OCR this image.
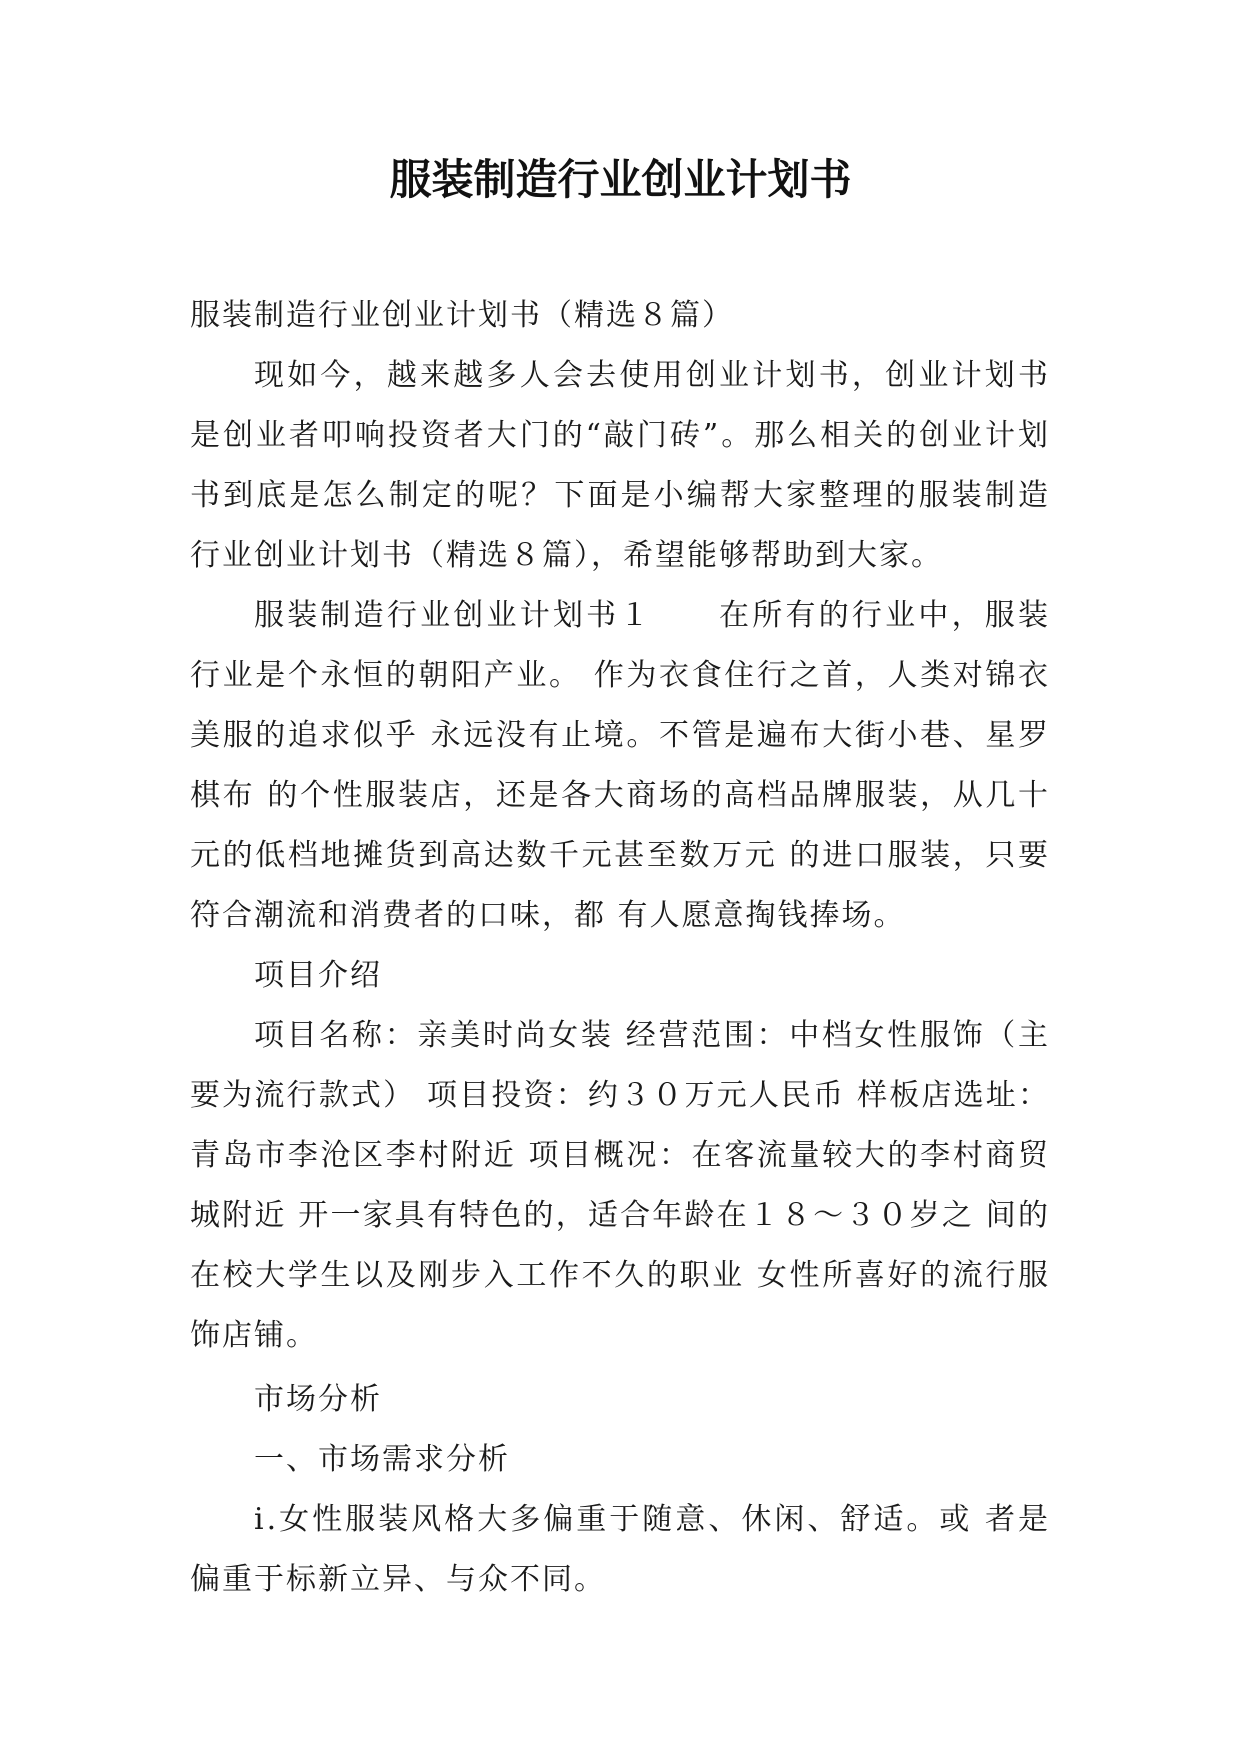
服装制造行业创业计划书

服装制造行业创业计划书（精选８篇）

现如今，越来越多人会去使用创业计划书，创业计划书是创业者叩响投资者大门的“敲门砖”。那么相关的创业计划书到底是怎么制定的呢？下面是小编帮大家整理的服装制造行业创业计划书（精选８篇），希望能够帮助到大家。

服装制造行业创业计划书１　　在所有的行业中，服装行业是个永恒的朝阳产业。 作为衣食住行之首，人类对锦衣美服的追求似乎 永远没有止境。不管是遍布大街小巷、星罗棋布 的个性服装店，还是各大商场的高档品牌服装，从几十元的低档地摊货到高达数千元甚至数万元 的进口服装，只要符合潮流和消费者的口味，都 有人愿意掏钱捧场。

项目介绍

项目名称：亲美时尚女装 经营范围：中档女性服饰（主要为流行款式） 项目投资：约３０万元人民币 样板店选址：青岛市李沧区李村附近 项目概况：在客流量较大的李村商贸城附近 开一家具有特色的，适合年龄在１８～３０岁之 间的在校大学生以及刚步入工作不久的职业 女性所喜好的流行服饰店铺。

市场分析

一、市场需求分析

ⅰ.女性服装风格大多偏重于随意、休闲、舒适。或 者是偏重于标新立异、与众不同。
